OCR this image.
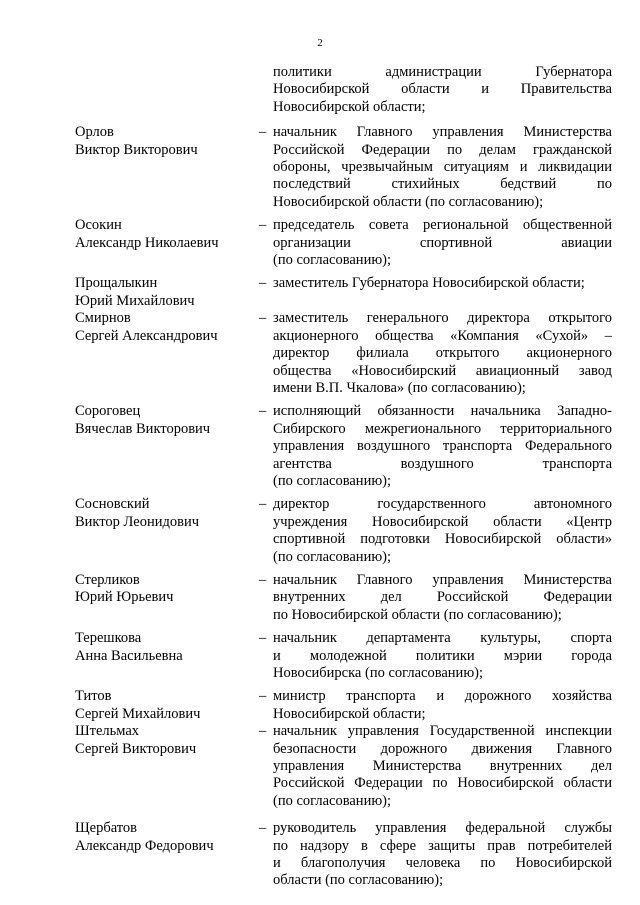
2
политики администрации Губернатора
Новосибирской области и Правительства
Новосибирской области;
Орлов
Виктор Викторович
– начальник Главного управления Министерства
Российской Федерации по делам гражданской
обороны, чрезвычайным ситуациям и ликвидации
последствий стихийных бедствий по
Новосибирской области (по согласованию);
Осокин
Александр Николаевич
– председатель совета региональной общественной
организации спортивной авиации
(по согласованию);
Прощалыкин
Юрий Михайлович
– заместитель Губернатора Новосибирской области;
Смирнов
Сергей Александрович
– заместитель генерального директора открытого
акционерного общества «Компания «Сухой» –
директор филиала открытого акционерного
общества «Новосибирский авиационный завод
имени В.П. Чкалова» (по согласованию);
Сороговец
Вячеслав Викторович
– исполняющий обязанности начальника Западно-
Сибирского межрегионального территориального
управления воздушного транспорта Федерального
агентства воздушного транспорта
(по согласованию);
Сосновский
Виктор Леонидович
– директор государственного автономного
учреждения Новосибирской области «Центр
спортивной подготовки Новосибирской области»
(по согласованию);
Стерликов
Юрий Юрьевич
– начальник Главного управления Министерства
внутренних дел Российской Федерации
по Новосибирской области (по согласованию);
Терешкова
Анна Васильевна
– начальник департамента культуры, спорта
и молодежной политики мэрии города
Новосибирска (по согласованию);
Титов
Сергей Михайлович
– министр транспорта и дорожного хозяйства
Новосибирской области;
Штельмах
Сергей Викторович
– начальник управления Государственной инспекции
безопасности дорожного движения Главного
управления Министерства внутренних дел
Российской Федерации по Новосибирской области
(по согласованию);
Щербатов
Александр Федорович
– руководитель управления федеральной службы
по надзору в сфере защиты прав потребителей
и благополучия человека по Новосибирской
области (по согласованию);
